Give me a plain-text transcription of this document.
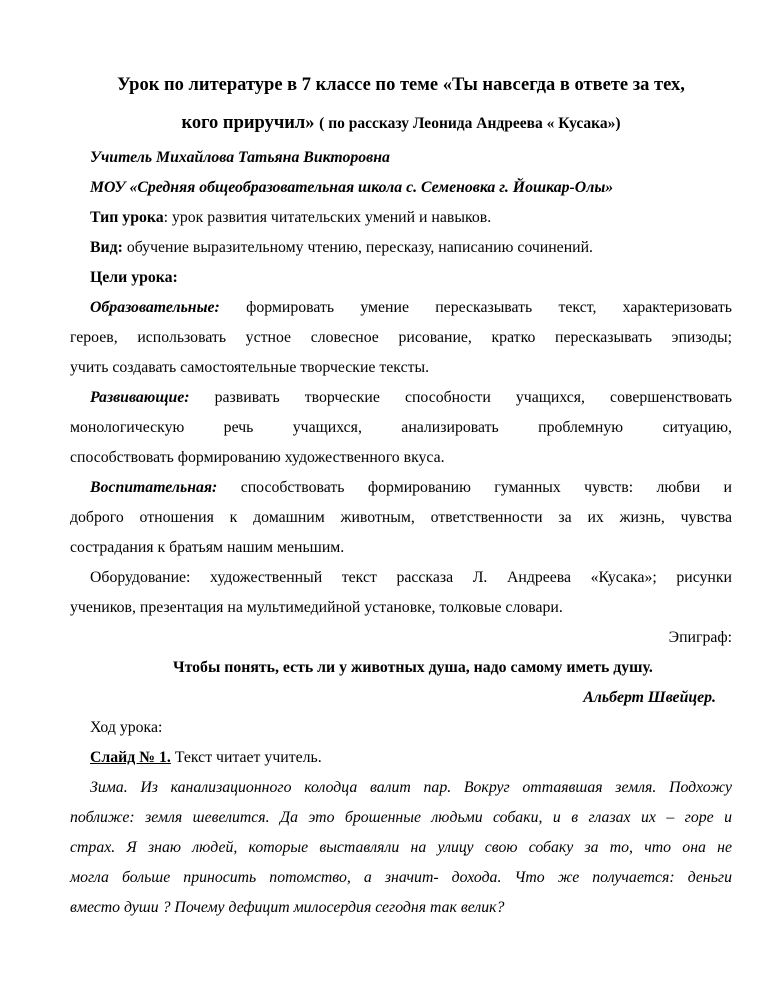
Урок по литературе в 7 классе по теме «Ты навсегда в ответе за тех,
кого приручил» ( по рассказу Леонида Андреева « Кусака»)
Учитель Михайлова Татьяна Викторовна
МОУ «Средняя общеобразовательная школа с. Семеновка г. Йошкар-Олы»
Тип урока: урок развития читательских умений и навыков.
Вид: обучение выразительному чтению, пересказу, написанию сочинений.
Цели урока:
Образовательные: формировать умение пересказывать текст, характеризовать
героев, использовать устное словесное рисование, кратко пересказывать эпизоды;
учить создавать самостоятельные творческие тексты.
Развивающие: развивать творческие способности учащихся, совершенствовать
монологическую речь учащихся, анализировать проблемную ситуацию,
способствовать формированию художественного вкуса.
Воспитательная: способствовать формированию гуманных чувств: любви и
доброго отношения к домашним животным, ответственности за их жизнь, чувства
сострадания к братьям нашим меньшим.
Оборудование: художественный текст рассказа Л. Андреева «Кусака»; рисунки
учеников, презентация на мультимедийной установке, толковые словари.
Эпиграф:
Чтобы понять, есть ли у животных душа, надо самому иметь душу.
Альберт Швейцер.
Ход урока:
Слайд № 1. Текст читает учитель.
Зима. Из канализационного колодца валит пар. Вокруг оттаявшая земля. Подхожу
поближе: земля шевелится. Да это брошенные людьми собаки, и в глазах их – горе и
страх. Я знаю людей, которые выставляли на улицу свою собаку за то, что она не
могла больше приносить потомство, а значит- дохода. Что же получается: деньги
вместо души ? Почему дефицит милосердия сегодня так велик?
